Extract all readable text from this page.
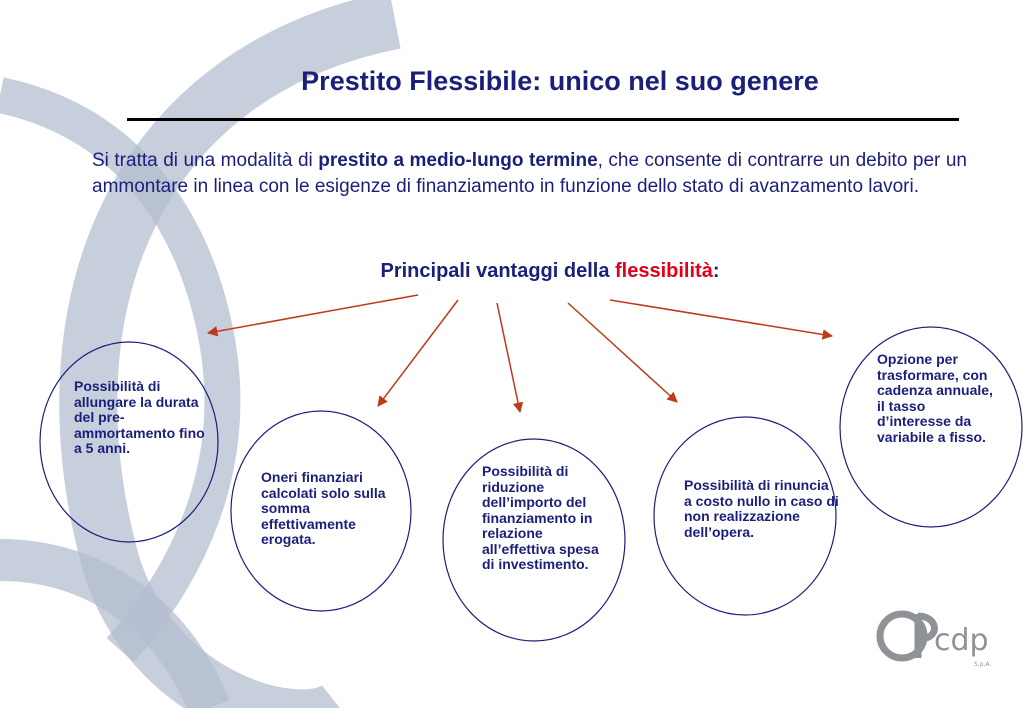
Prestito Flessibile: unico nel suo genere
Si tratta di una modalità di prestito a medio-lungo termine, che consente di contrarre un debito per un ammontare in linea con le esigenze di finanziamento in funzione dello stato di avanzamento lavori.
Principali vantaggi della flessibilità:
Possibilità di allungare la durata del pre-ammortamento fino a 5 anni.
Oneri finanziari calcolati solo sulla somma effettivamente erogata.
Possibilità di riduzione dell’importo del finanziamento in relazione all’effettiva spesa di investimento.
Possibilità di rinuncia a costo nullo in caso di non realizzazione dell’opera.
Opzione per trasformare, con cadenza annuale, il tasso d’interesse da variabile a fisso.
cdp
S.p.A.
